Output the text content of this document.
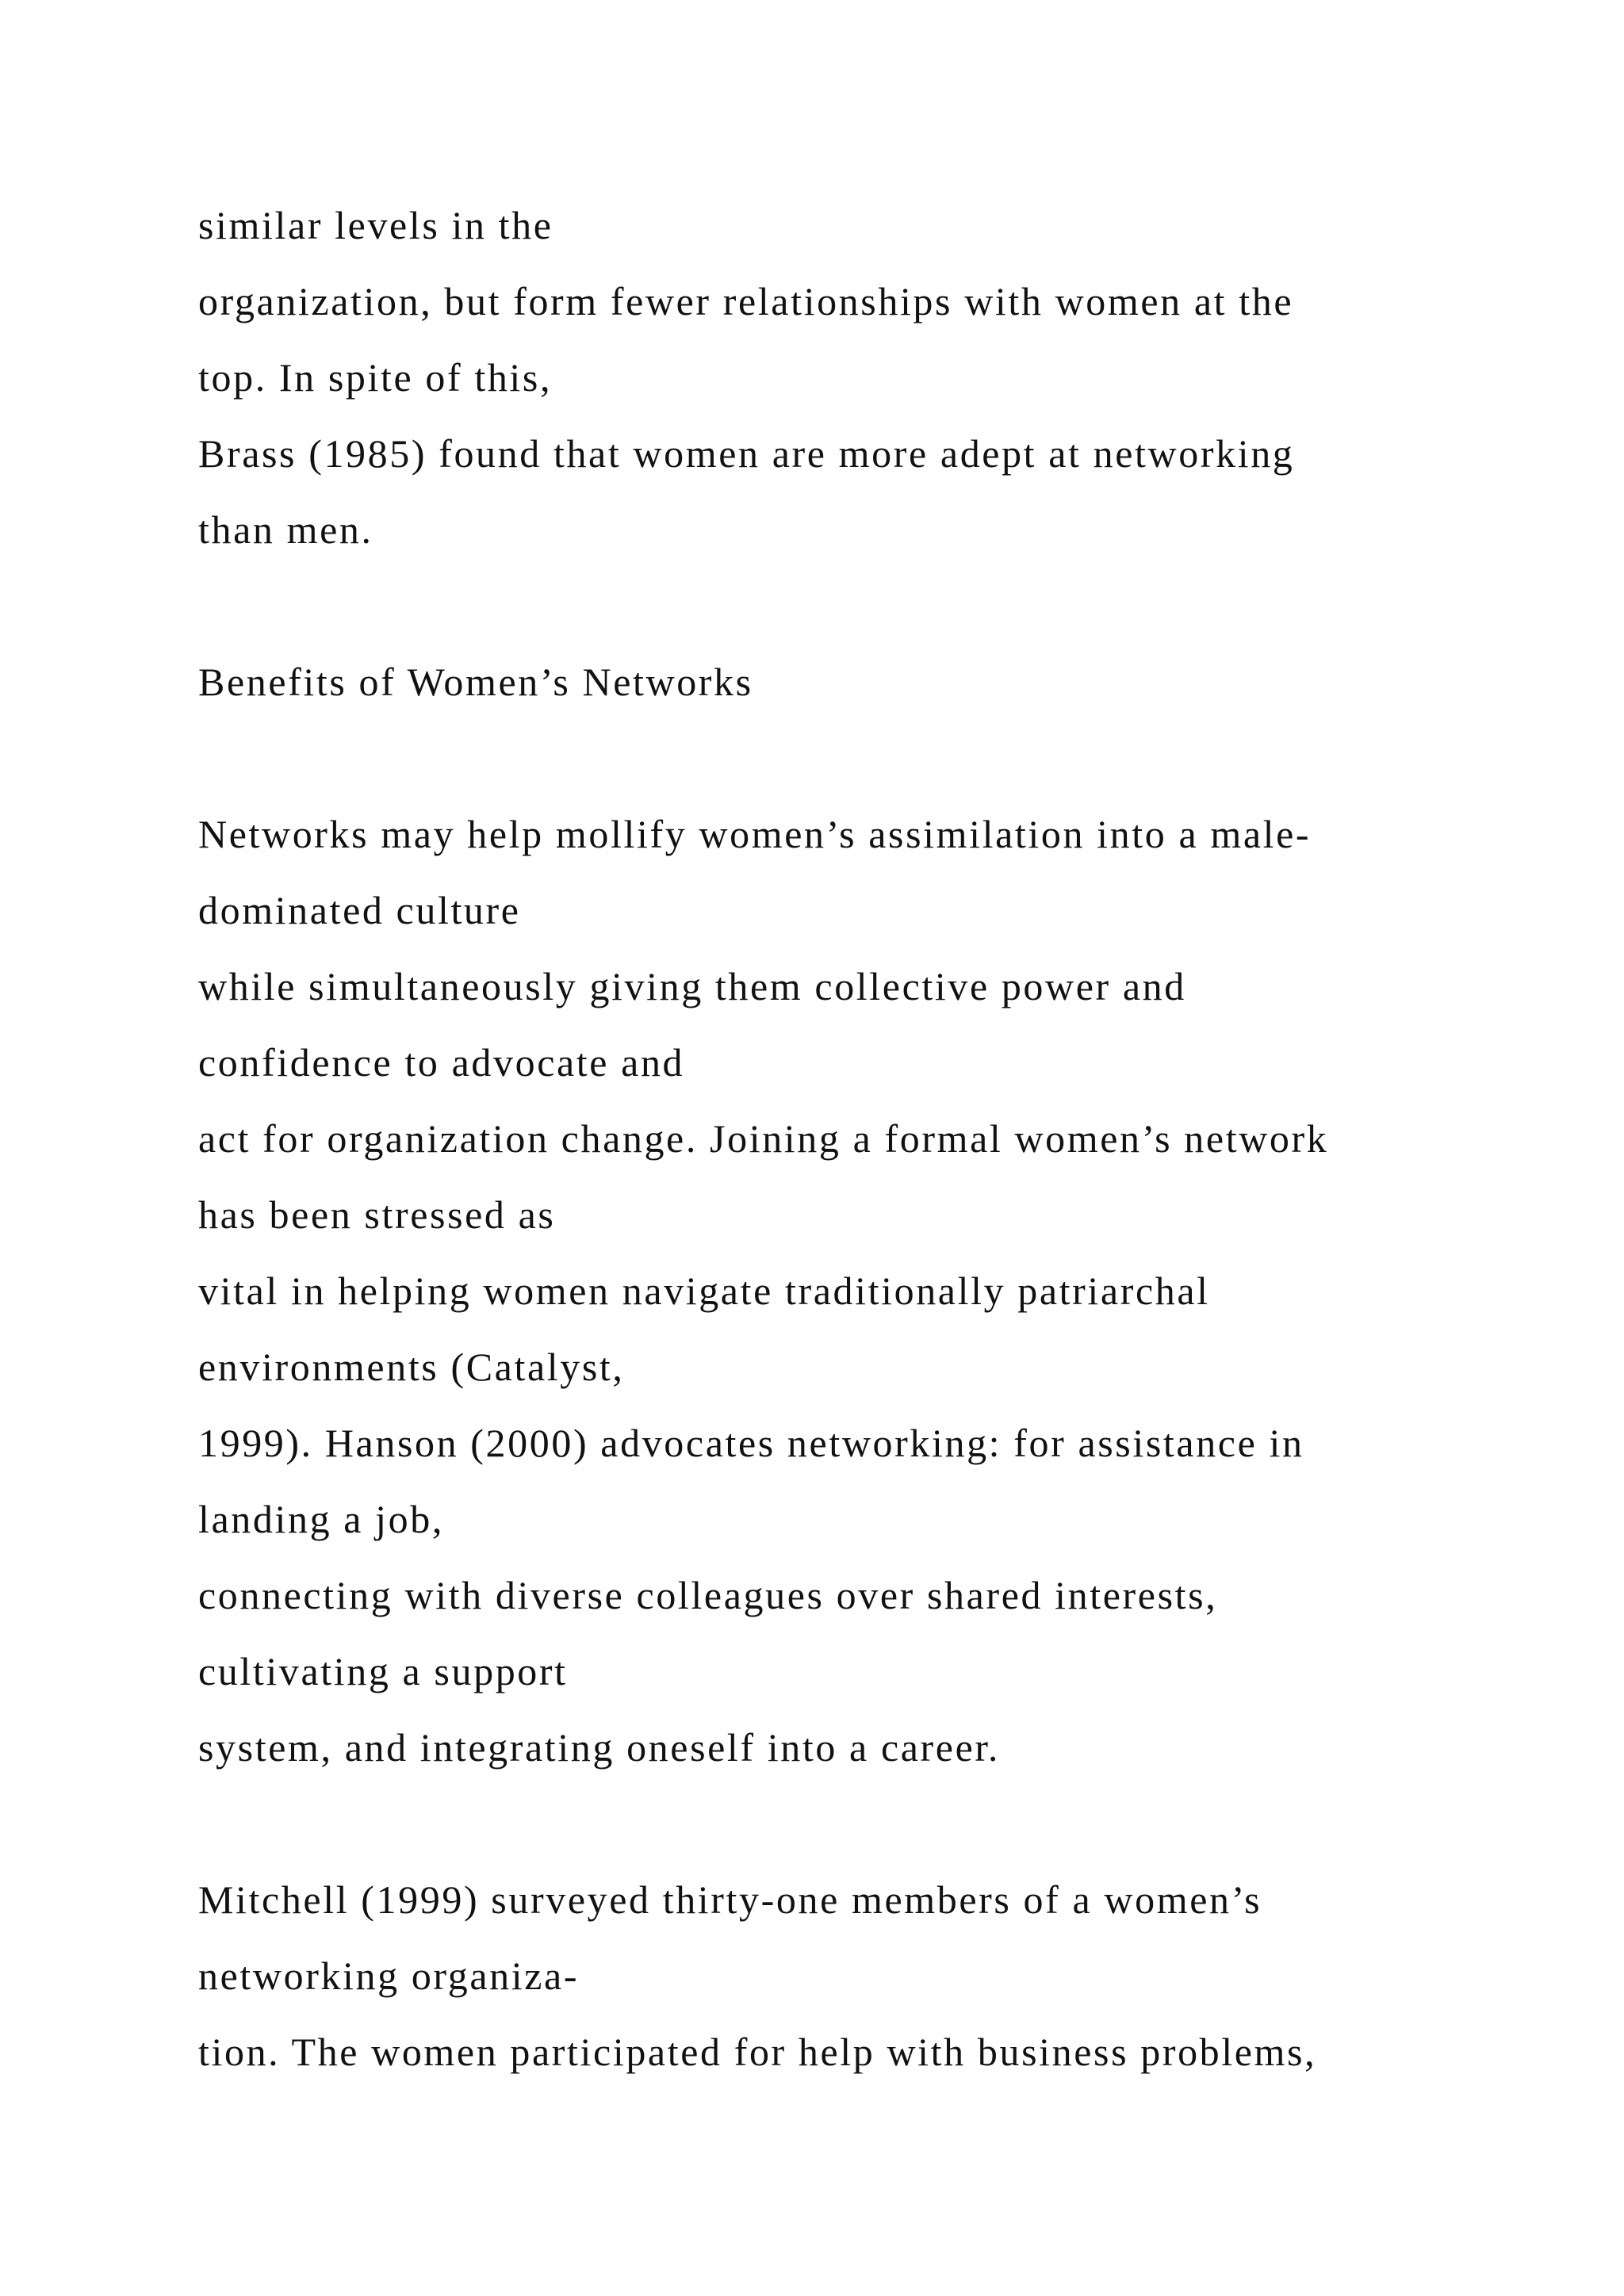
similar levels in the
organization, but form fewer relationships with women at the
top. In spite of this,
Brass (1985) found that women are more adept at networking
than men.
Benefits of Women’s Networks
Networks may help mollify women’s assimilation into a male-
dominated culture
while simultaneously giving them collective power and
confidence to advocate and
act for organization change. Joining a formal women’s network
has been stressed as
vital in helping women navigate traditionally patriarchal
environments (Catalyst,
1999). Hanson (2000) advocates networking: for assistance in
landing a job,
connecting with diverse colleagues over shared interests,
cultivating a support
system, and integrating oneself into a career.
Mitchell (1999) surveyed thirty-one members of a women’s
networking organiza-
tion. The women participated for help with business problems,
